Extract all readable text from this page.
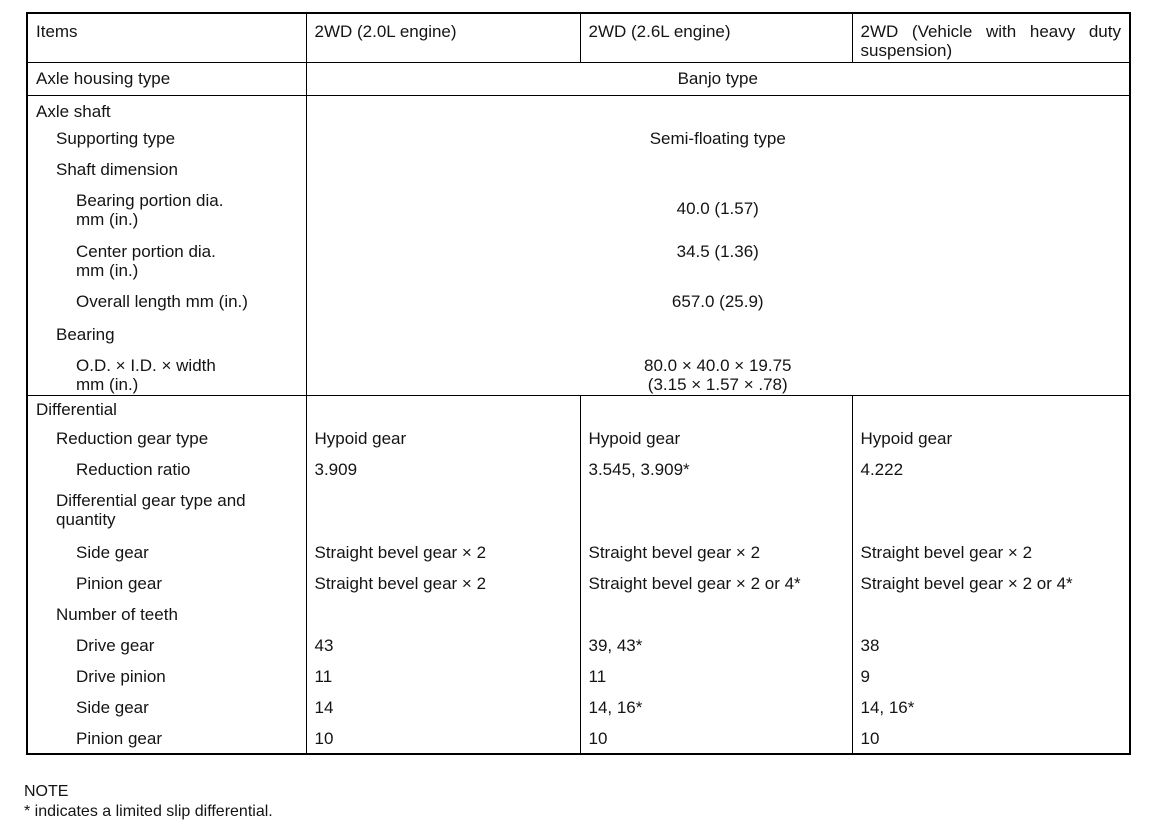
Items	2WD (2.0L engine)	2WD (2.6L engine)	2WD (Vehicle with heavy duty suspension)
Axle housing type	Banjo type		
Axle shaft			
Supporting type	Semi-floating type		
Shaft dimension			
Bearing portion dia.
mm (in.)	40.0 (1.57)		
Center portion dia.
mm (in.)	34.5 (1.36)		
Overall length mm (in.)	657.0 (25.9)		
Bearing			
O.D. × I.D. × width
mm (in.)	80.0 × 40.0 × 19.75
(3.15 × 1.57 × .78)		
Differential			
Reduction gear type	Hypoid gear	Hypoid gear	Hypoid gear
Reduction ratio	3.909	3.545, 3.909*	4.222
Differential gear type and quantity			
Side gear	Straight bevel gear × 2	Straight bevel gear × 2	Straight bevel gear × 2
Pinion gear	Straight bevel gear × 2	Straight bevel gear × 2 or 4*	Straight bevel gear × 2 or 4*
Number of teeth			
Drive gear	43	39, 43*	38
Drive pinion	11	11	9
Side gear	14	14, 16*	14, 16*
Pinion gear	10	10	10
NOTE
* indicates a limited slip differential.
